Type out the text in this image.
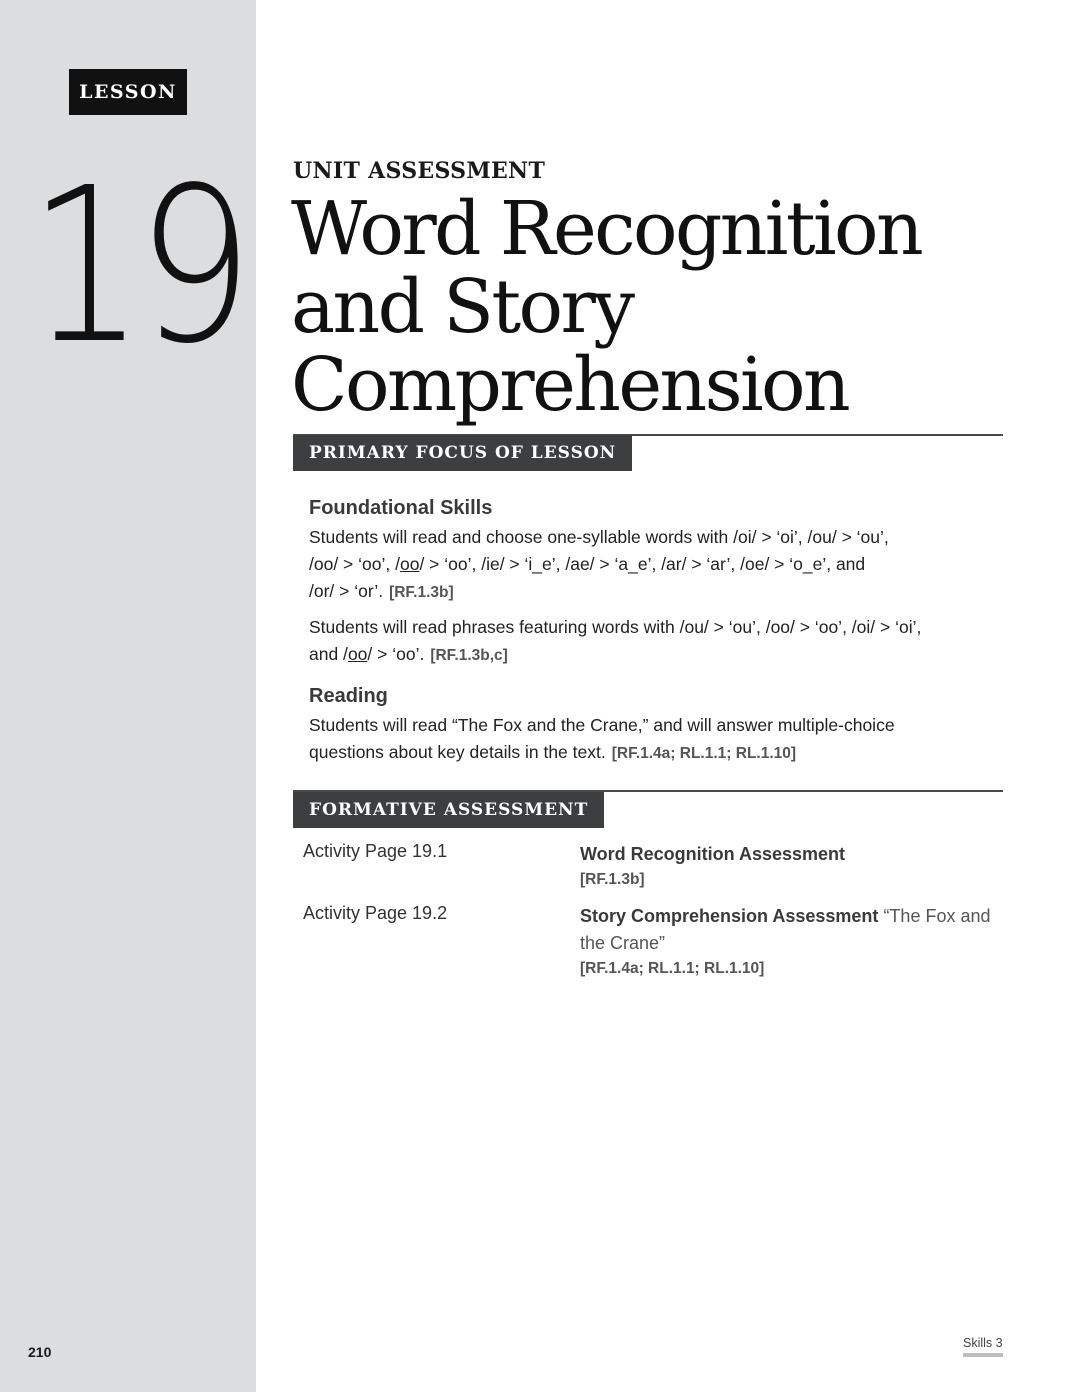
LESSON
19
210
UNIT ASSESSMENT
Word Recognition
and Story
Comprehension
PRIMARY FOCUS OF LESSON
Foundational Skills

Students will read and choose one-syllable words with /oi/ > ‘oi’, /ou/ > ‘ou’,
/oo/ > ‘oo’, /oo/ > ‘oo’, /ie/ > ‘i_e’, /ae/ > ‘a_e’, /ar/ > ‘ar’, /oe/ > ‘o_e’, and
/or/ > ‘or’. [RF.1.3b]

Students will read phrases featuring words with /ou/ > ‘ou’, /oo/ > ‘oo’, /oi/ > ‘oi’,
and /oo/ > ‘oo’. [RF.1.3b,c]

Reading

Students will read “The Fox and the Crane,” and will answer multiple-choice
questions about key details in the text. [RF.1.4a; RL.1.1; RL.1.10]

FORMATIVE ASSESSMENT
Activity Page 19.1	Word Recognition Assessment
[RF.1.3b]
Activity Page 19.2	Story Comprehension Assessment “The Fox and the Crane”
[RF.1.4a; RL.1.1; RL.1.10]
Skills 3
